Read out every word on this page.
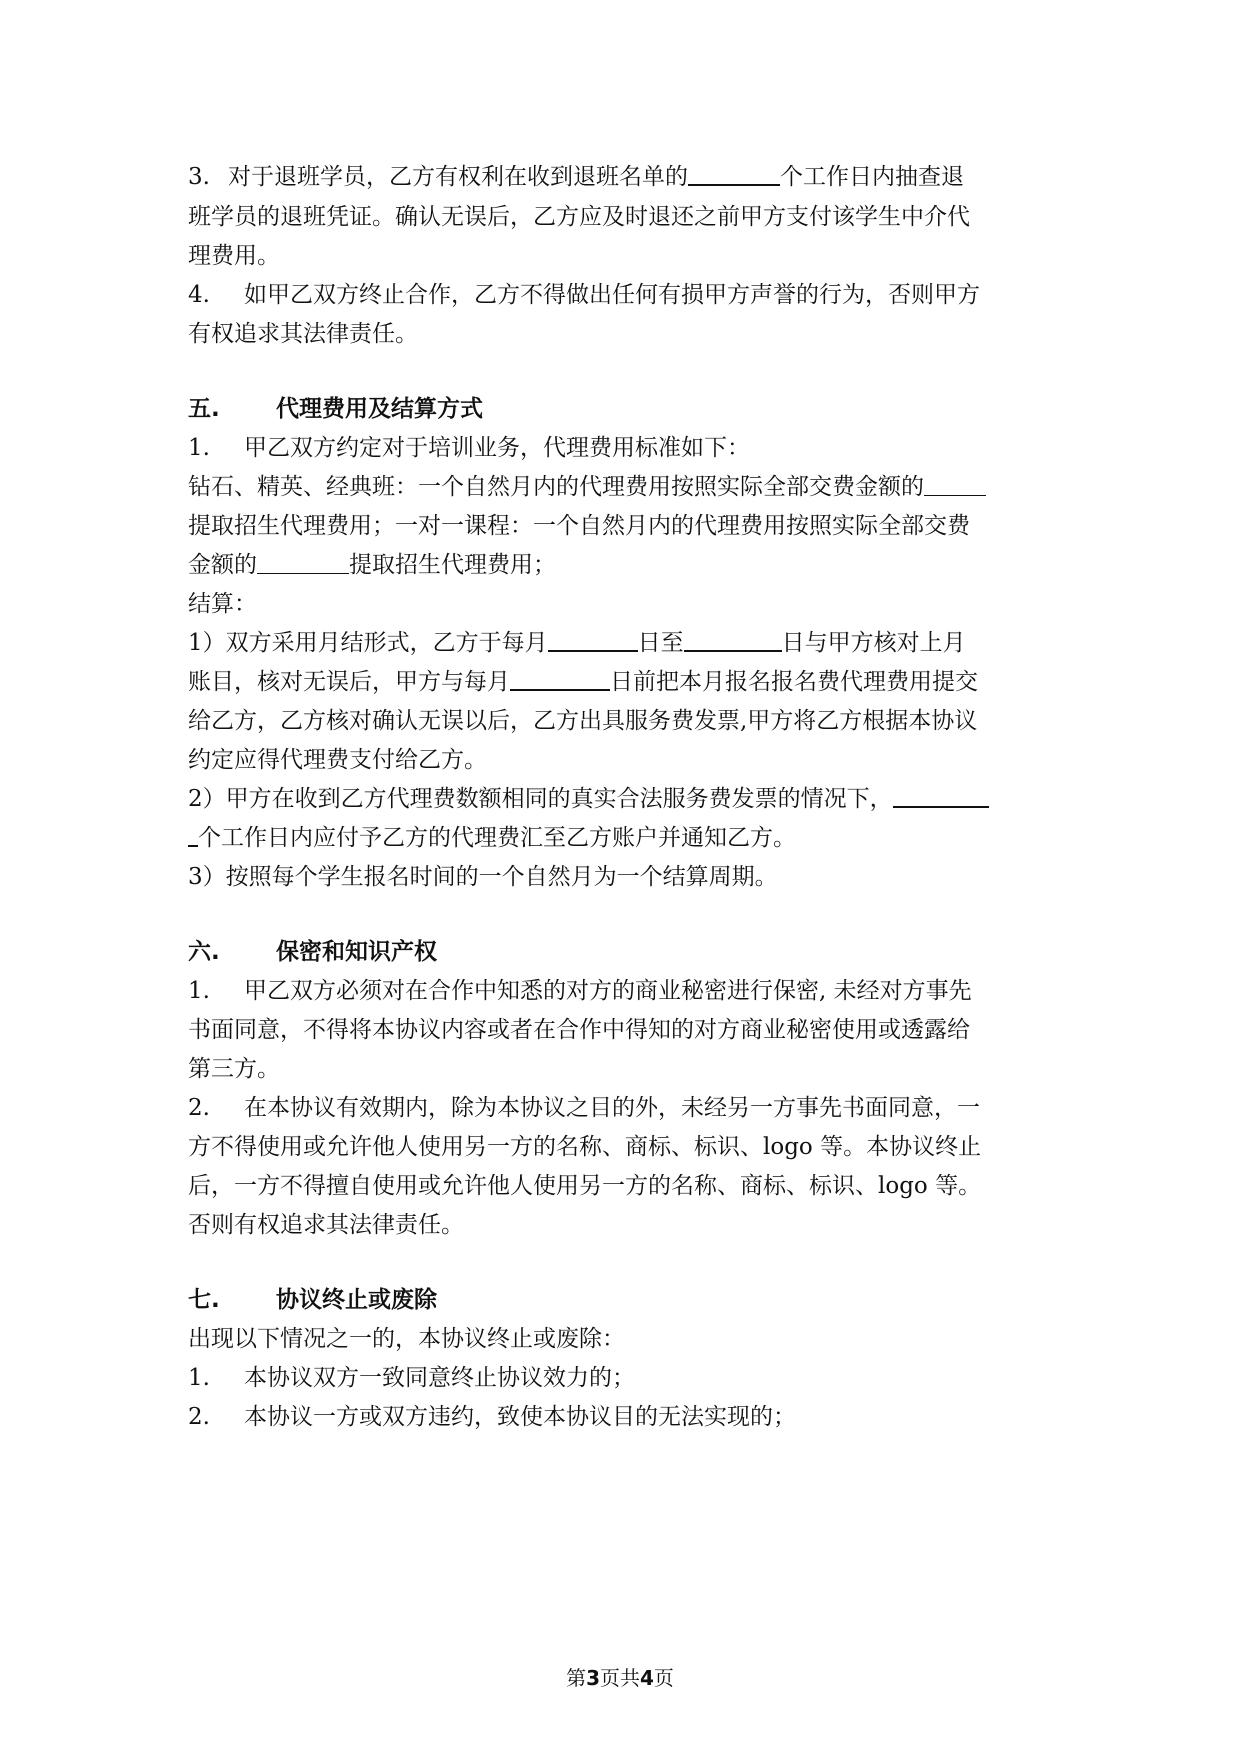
3. 对于退班学员，乙方有权利在收到退班名单的	个工作日内抽查退
班学员的退班凭证。确认无误后，乙方应及时退还之前甲方支付该学生中介代
理费用。
4. 如甲乙双方终止合作，乙方不得做出任何有损甲方声誉的行为，否则甲方
有权追求其法律责任。
五. 代理费用及结算方式
1. 甲乙双方约定对于培训业务，代理费用标准如下：
钻石、精英、经典班：一个自然月内的代理费用按照实际全部交费金额的
提取招生代理费用；一对一课程：一个自然月内的代理费用按照实际全部交费
金额的	提取招生代理费用；
结算：
1）双方采用月结形式，乙方于每月	日至	日与甲方核对上月
账目，核对无误后，甲方与每月	日前把本月报名报名费代理费用提交
给乙方，乙方核对确认无误以后，乙方出具服务费发票,甲方将乙方根据本协议
约定应得代理费支付给乙方。
2）甲方在收到乙方代理费数额相同的真实合法服务费发票的情况下，
个工作日内应付予乙方的代理费汇至乙方账户并通知乙方。
3）按照每个学生报名时间的一个自然月为一个结算周期。
六. 保密和知识产权
1. 甲乙双方必须对在合作中知悉的对方的商业秘密进行保密, 未经对方事先
书面同意，不得将本协议内容或者在合作中得知的对方商业秘密使用或透露给
第三方。
2. 在本协议有效期内，除为本协议之目的外，未经另一方事先书面同意，一
方不得使用或允许他人使用另一方的名称、商标、标识、logo 等。本协议终止
后，一方不得擅自使用或允许他人使用另一方的名称、商标、标识、logo 等。
否则有权追求其法律责任。
七. 协议终止或废除
出现以下情况之一的，本协议终止或废除：
1. 本协议双方一致同意终止协议效力的；
2. 本协议一方或双方违约，致使本协议目的无法实现的；
第3页共4页
